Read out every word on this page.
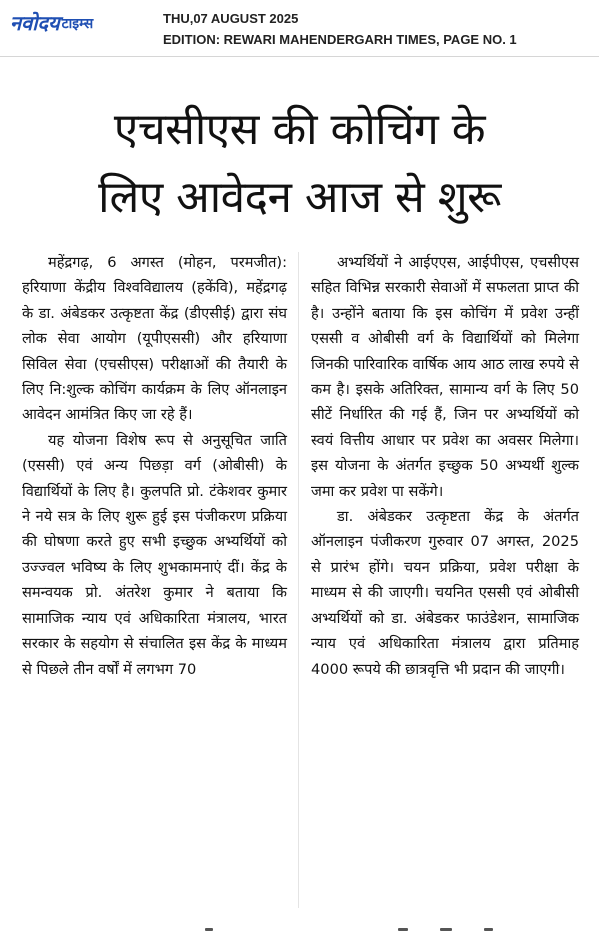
नवोदय टाइम्स	THU,07 AUGUST 2025
EDITION: REWARI MAHENDERGARH TIMES, PAGE NO. 1
एचसीएस की कोचिंग के
लिए आवेदन आज से शुरू

महेंद्रगढ़, 6 अगस्त (मोहन, परमजीत): हरियाणा केंद्रीय विश्वविद्यालय (हकेंवि), महेंद्रगढ़ के डा. अंबेडकर उत्कृष्टता केंद्र (डीएसीई) द्वारा संघ लोक सेवा आयोग (यूपीएससी) और हरियाणा सिविल सेवा (एचसीएस) परीक्षाओं की तैयारी के लिए नि:शुल्क कोचिंग कार्यक्रम के लिए ऑनलाइन आवेदन आमंत्रित किए जा रहे हैं।

यह योजना विशेष रूप से अनुसूचित जाति (एससी) एवं अन्य पिछड़ा वर्ग (ओबीसी) के विद्यार्थियों के लिए है। कुलपति प्रो. टंकेशवर कुमार ने नये सत्र के लिए शुरू हुई इस पंजीकरण प्रक्रिया की घोषणा करते हुए सभी इच्छुक अभ्यर्थियों को उज्ज्वल भविष्य के लिए शुभकामनाएं दीं। केंद्र के समन्वयक प्रो. अंतरेश कुमार ने बताया कि सामाजिक न्याय एवं अधिकारिता मंत्रालय, भारत सरकार के सहयोग से संचालित इस केंद्र के माध्यम से पिछले तीन वर्षों में लगभग 70

अभ्यर्थियों ने आईएएस, आईपीएस, एचसीएस सहित विभिन्न सरकारी सेवाओं में सफलता प्राप्त की है। उन्होंने बताया कि इस कोचिंग में प्रवेश उन्हीं एससी व ओबीसी वर्ग के विद्यार्थियों को मिलेगा जिनकी पारिवारिक वार्षिक आय आठ लाख रुपये से कम है। इसके अतिरिक्त, सामान्य वर्ग के लिए 50 सीटें निर्धारित की गई हैं, जिन पर अभ्यर्थियों को स्वयं वित्तीय आधार पर प्रवेश का अवसर मिलेगा। इस योजना के अंतर्गत इच्छुक 50 अभ्यर्थी शुल्क जमा कर प्रवेश पा सकेंगे।

डा. अंबेडकर उत्कृष्टता केंद्र के अंतर्गत ऑनलाइन पंजीकरण गुरुवार 07 अगस्त, 2025 से प्रारंभ होंगे। चयन प्रक्रिया, प्रवेश परीक्षा के माध्यम से की जाएगी। चयनित एससी एवं ओबीसी अभ्यर्थियों को डा. अंबेडकर फाउंडेशन, सामाजिक न्याय एवं अधिकारिता मंत्रालय द्वारा प्रतिमाह 4000 रूपये की छात्रवृत्ति भी प्रदान की जाएगी।
